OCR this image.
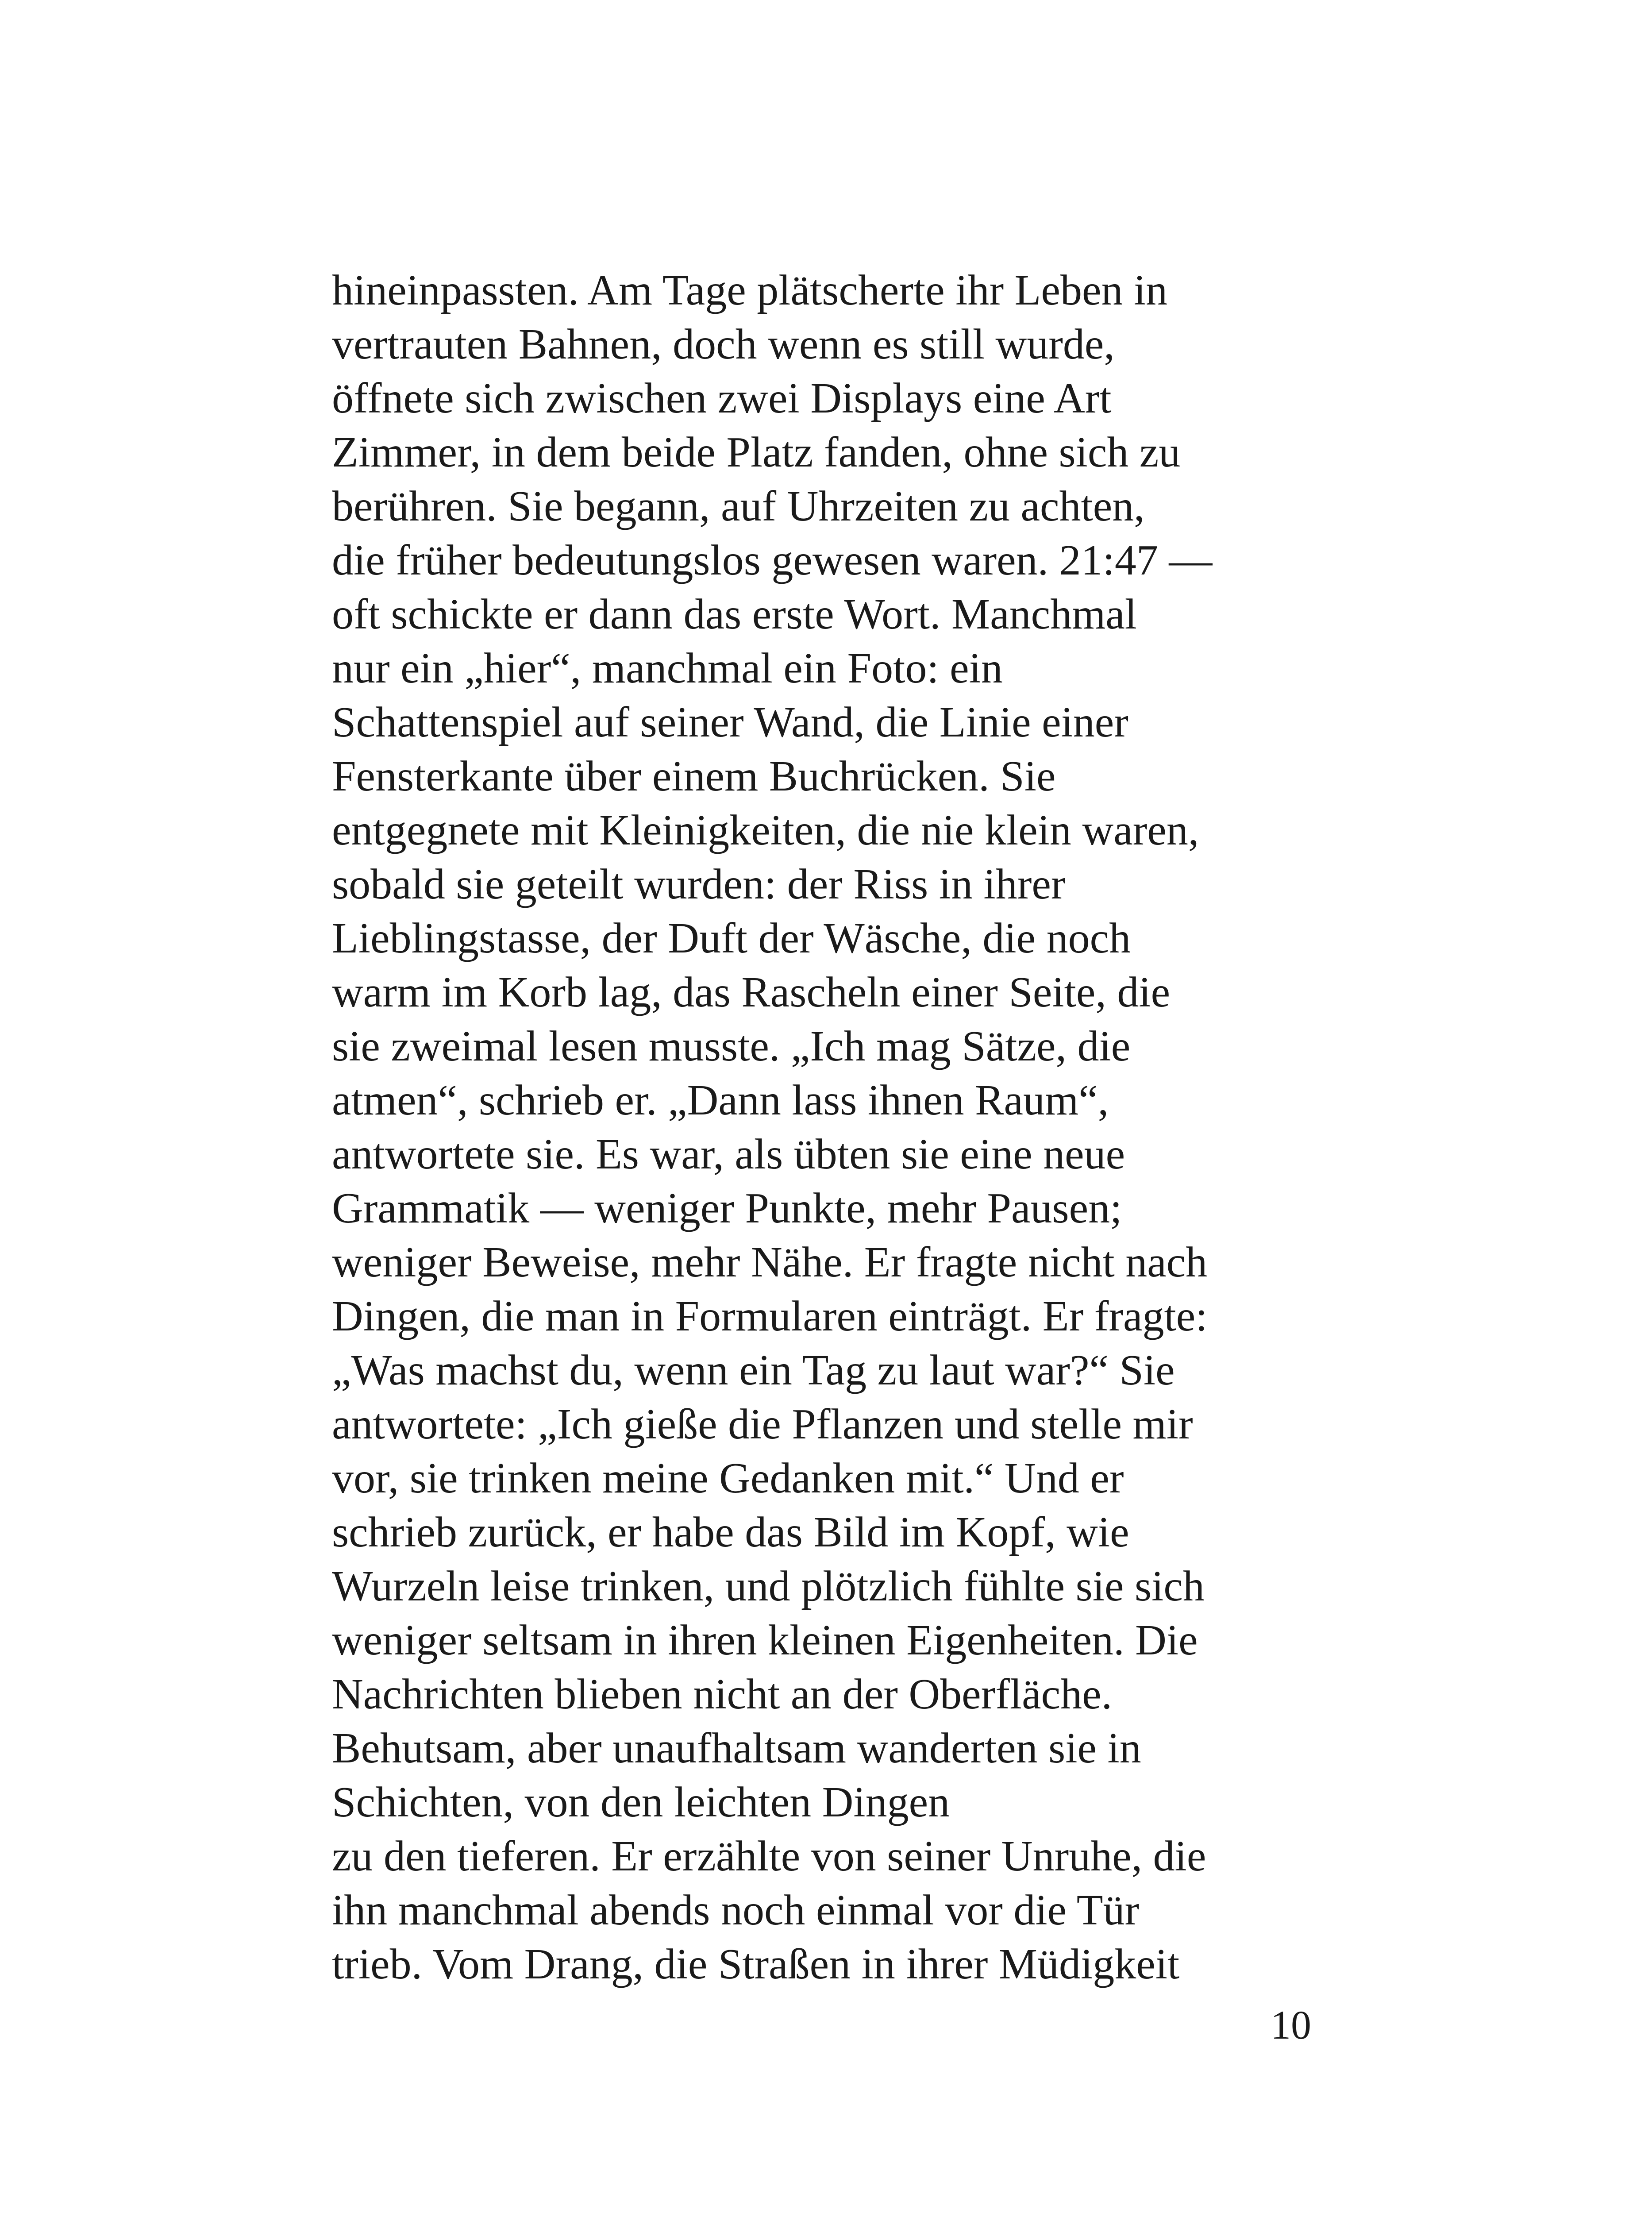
hineinpassten. Am Tage plätscherte ihr Leben in
vertrauten Bahnen, doch wenn es still wurde,
öffnete sich zwischen zwei Displays eine Art
Zimmer, in dem beide Platz fanden, ohne sich zu
berühren. Sie begann, auf Uhrzeiten zu achten,
die früher bedeutungslos gewesen waren. 21:47 —
oft schickte er dann das erste Wort. Manchmal
nur ein „hier“, manchmal ein Foto: ein
Schattenspiel auf seiner Wand, die Linie einer
Fensterkante über einem Buchrücken. Sie
entgegnete mit Kleinigkeiten, die nie klein waren,
sobald sie geteilt wurden: der Riss in ihrer
Lieblingstasse, der Duft der Wäsche, die noch
warm im Korb lag, das Rascheln einer Seite, die
sie zweimal lesen musste. „Ich mag Sätze, die
atmen“, schrieb er. „Dann lass ihnen Raum“,
antwortete sie. Es war, als übten sie eine neue
Grammatik — weniger Punkte, mehr Pausen;
weniger Beweise, mehr Nähe. Er fragte nicht nach
Dingen, die man in Formularen einträgt. Er fragte:
„Was machst du, wenn ein Tag zu laut war?“ Sie
antwortete: „Ich gieße die Pflanzen und stelle mir
vor, sie trinken meine Gedanken mit.“ Und er
schrieb zurück, er habe das Bild im Kopf, wie
Wurzeln leise trinken, und plötzlich fühlte sie sich
weniger seltsam in ihren kleinen Eigenheiten. Die
Nachrichten blieben nicht an der Oberfläche.
Behutsam, aber unaufhaltsam wanderten sie in
Schichten, von den leichten Dingen
zu den tieferen. Er erzählte von seiner Unruhe, die
ihn manchmal abends noch einmal vor die Tür
trieb. Vom Drang, die Straßen in ihrer Müdigkeit
10
